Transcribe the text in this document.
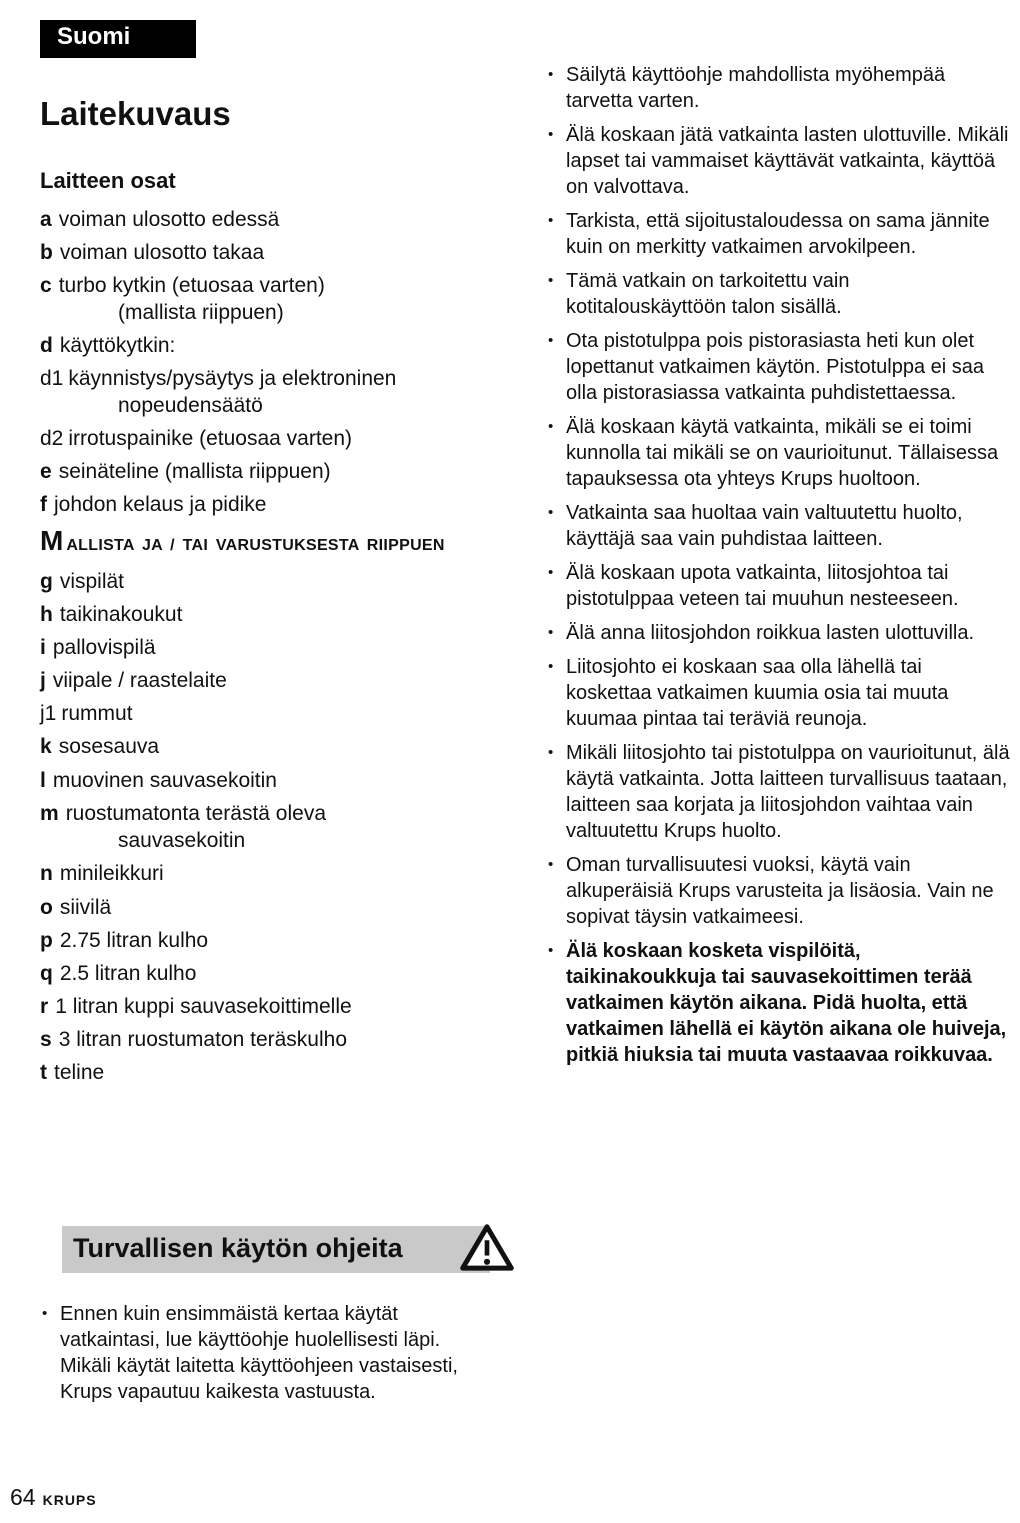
Suomi
Laitekuvaus
Laitteen osat
a voiman ulosotto edessä
b voiman ulosotto takaa
c turbo kytkin (etuosaa varten)
(mallista riippuen)
d käyttökytkin:
d1 käynnistys/pysäytys ja elektroninen
nopeudensäätö
d2 irrotuspainike (etuosaa varten)
e seinäteline (mallista riippuen)
f johdon kelaus ja pidike
MALLISTA JA / TAI VARUSTUKSESTA RIIPPUEN
g vispilät
h taikinakoukut
i pallovispilä
j viipale / raastelaite
j1 rummut
k sosesauva
l muovinen sauvasekoitin
m ruostumatonta terästä oleva
sauvasekoitin
n minileikkuri
o siivilä
p 2.75 litran kulho
q 2.5 litran kulho
r 1 litran kuppi sauvasekoittimelle
s 3 litran ruostumaton teräskulho
t teline
Turvallisen käytön ohjeita
•
Ennen kuin ensimmäistä kertaa käytät vatkaintasi, lue käyttöohje huolellisesti läpi. Mikäli käytät laitetta käyttöohjeen vastaisesti, Krups vapautuu kaikesta vastuusta.
•
Säilytä käyttöohje mahdollista myöhempää tarvetta varten.
•
Älä koskaan jätä vatkainta lasten ulottuville. Mikäli lapset tai vammaiset käyttävät vatkainta, käyttöä on valvottava.
•
Tarkista, että sijoitustaloudessa on sama jännite kuin on merkitty vatkaimen arvokilpeen.
•
Tämä vatkain on tarkoitettu vain kotitalouskäyttöön talon sisällä.
•
Ota pistotulppa pois pistorasiasta heti kun olet lopettanut vatkaimen käytön. Pistotulppa ei saa olla pistorasiassa vatkainta puhdistettaessa.
•
Älä koskaan käytä vatkainta, mikäli se ei toimi kunnolla tai mikäli se on vaurioitunut. Tällaisessa tapauksessa ota yhteys Krups huoltoon.
•
Vatkainta saa huoltaa vain valtuutettu huolto, käyttäjä saa vain puhdistaa laitteen.
•
Älä koskaan upota vatkainta, liitosjohtoa tai pistotulppaa veteen tai muuhun nesteeseen.
•
Älä anna liitosjohdon roikkua lasten ulottuvilla.
•
Liitosjohto ei koskaan saa olla lähellä tai koskettaa vatkaimen kuumia osia tai muuta kuumaa pintaa tai teräviä reunoja.
•
Mikäli liitosjohto tai pistotulppa on vaurioitunut, älä käytä vatkainta. Jotta laitteen turvallisuus taataan, laitteen saa korjata ja liitosjohdon vaihtaa vain valtuutettu Krups huolto.
•
Oman turvallisuutesi vuoksi, käytä vain alkuperäisiä Krups varusteita ja lisäosia. Vain ne sopivat täysin vatkaimeesi.
•
Älä koskaan kosketa vispilöitä, taikinakoukkuja tai sauvasekoittimen terää vatkaimen käytön aikana. Pidä huolta, että vatkaimen lähellä ei käytön aikana ole huiveja, pitkiä hiuksia tai muuta vastaavaa roikkuvaa.
64 KRUPS
